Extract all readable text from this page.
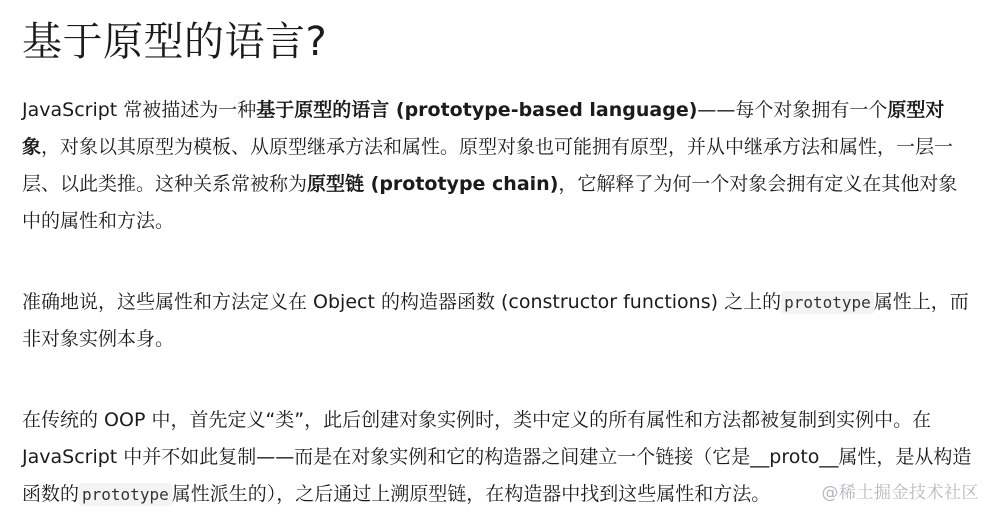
基于原型的语言?

JavaScript 常被描述为一种基于原型的语言 (prototype-based language)——每个对象拥有一个原型对象，对象以其原型为模板、从原型继承方法和属性。原型对象也可能拥有原型，并从中继承方法和属性，一层一层、以此类推。这种关系常被称为原型链 (prototype chain)，它解释了为何一个对象会拥有定义在其他对象中的属性和方法。

准确地说，这些属性和方法定义在 Object 的构造器函数 (constructor functions) 之上的 prototype 属性上，而非对象实例本身。

在传统的 OOP 中，首先定义“类”，此后创建对象实例时，类中定义的所有属性和方法都被复制到实例中。在 JavaScript 中并不如此复制——而是在对象实例和它的构造器之间建立一个链接（它是__proto__属性，是从构造函数的 prototype 属性派生的），之后通过上溯原型链，在构造器中找到这些属性和方法。	@稀土掘金技术社区
